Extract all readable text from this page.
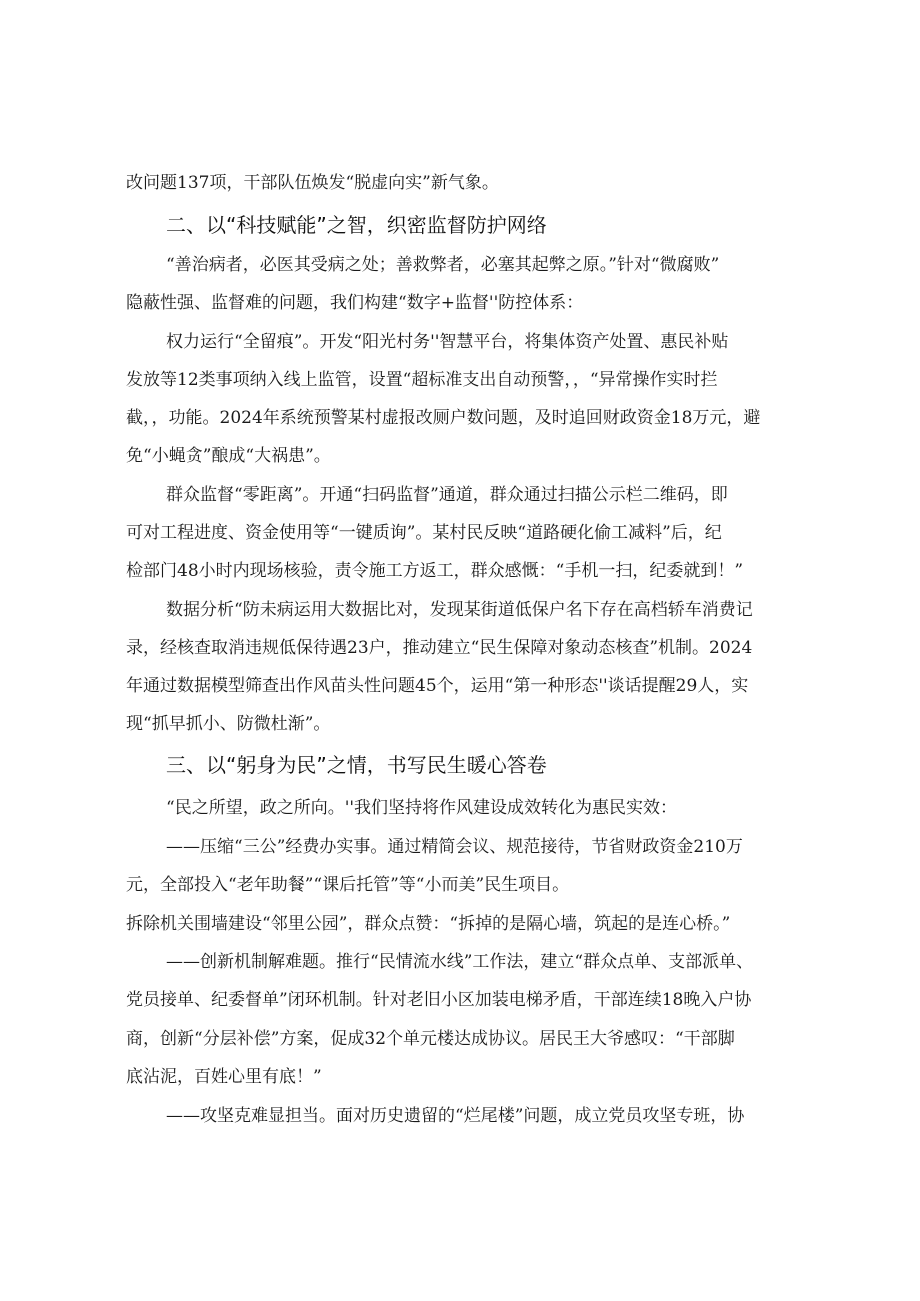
改问题137项，干部队伍焕发“脱虚向实”新气象。
二、以“科技赋能”之智，织密监督防护网络
“善治病者，必医其受病之处；善救弊者，必塞其起弊之原。”针对“微腐败”
隐蔽性强、监督难的问题，我们构建“数字+监督''防控体系：
权力运行“全留痕”。开发“阳光村务''智慧平台，将集体资产处置、惠民补贴
发放等12类事项纳入线上监管，设置“超标准支出自动预警，，“异常操作实时拦
截，，功能。2024年系统预警某村虚报改厕户数问题，及时追回财政资金18万元，避
免“小蝇贪”酿成“大祸患”。
群众监督“零距离”。开通“扫码监督”通道，群众通过扫描公示栏二维码，即
可对工程进度、资金使用等“一键质询”。某村民反映“道路硬化偷工减料”后，纪
检部门48小时内现场核验，责令施工方返工，群众感慨：“手机一扫，纪委就到！”
数据分析“防未病运用大数据比对，发现某街道低保户名下存在高档轿车消费记
录，经核查取消违规低保待遇23户，推动建立“民生保障对象动态核查”机制。2024
年通过数据模型筛查出作风苗头性问题45个，运用“第一种形态''谈话提醒29人，实
现“抓早抓小、防微杜渐”。
三、以“躬身为民”之情，书写民生暖心答卷
“民之所望，政之所向。''我们坚持将作风建设成效转化为惠民实效：
——压缩“三公”经费办实事。通过精简会议、规范接待，节省财政资金210万
元，全部投入“老年助餐”“课后托管”等“小而美”民生项目。
拆除机关围墙建设“邻里公园”，群众点赞：“拆掉的是隔心墙，筑起的是连心桥。”
——创新机制解难题。推行“民情流水线”工作法，建立“群众点单、支部派单、
党员接单、纪委督单”闭环机制。针对老旧小区加装电梯矛盾，干部连续18晚入户协
商，创新“分层补偿”方案，促成32个单元楼达成协议。居民王大爷感叹：“干部脚
底沾泥，百姓心里有底！”
——攻坚克难显担当。面对历史遗留的“烂尾楼”问题，成立党员攻坚专班，协
